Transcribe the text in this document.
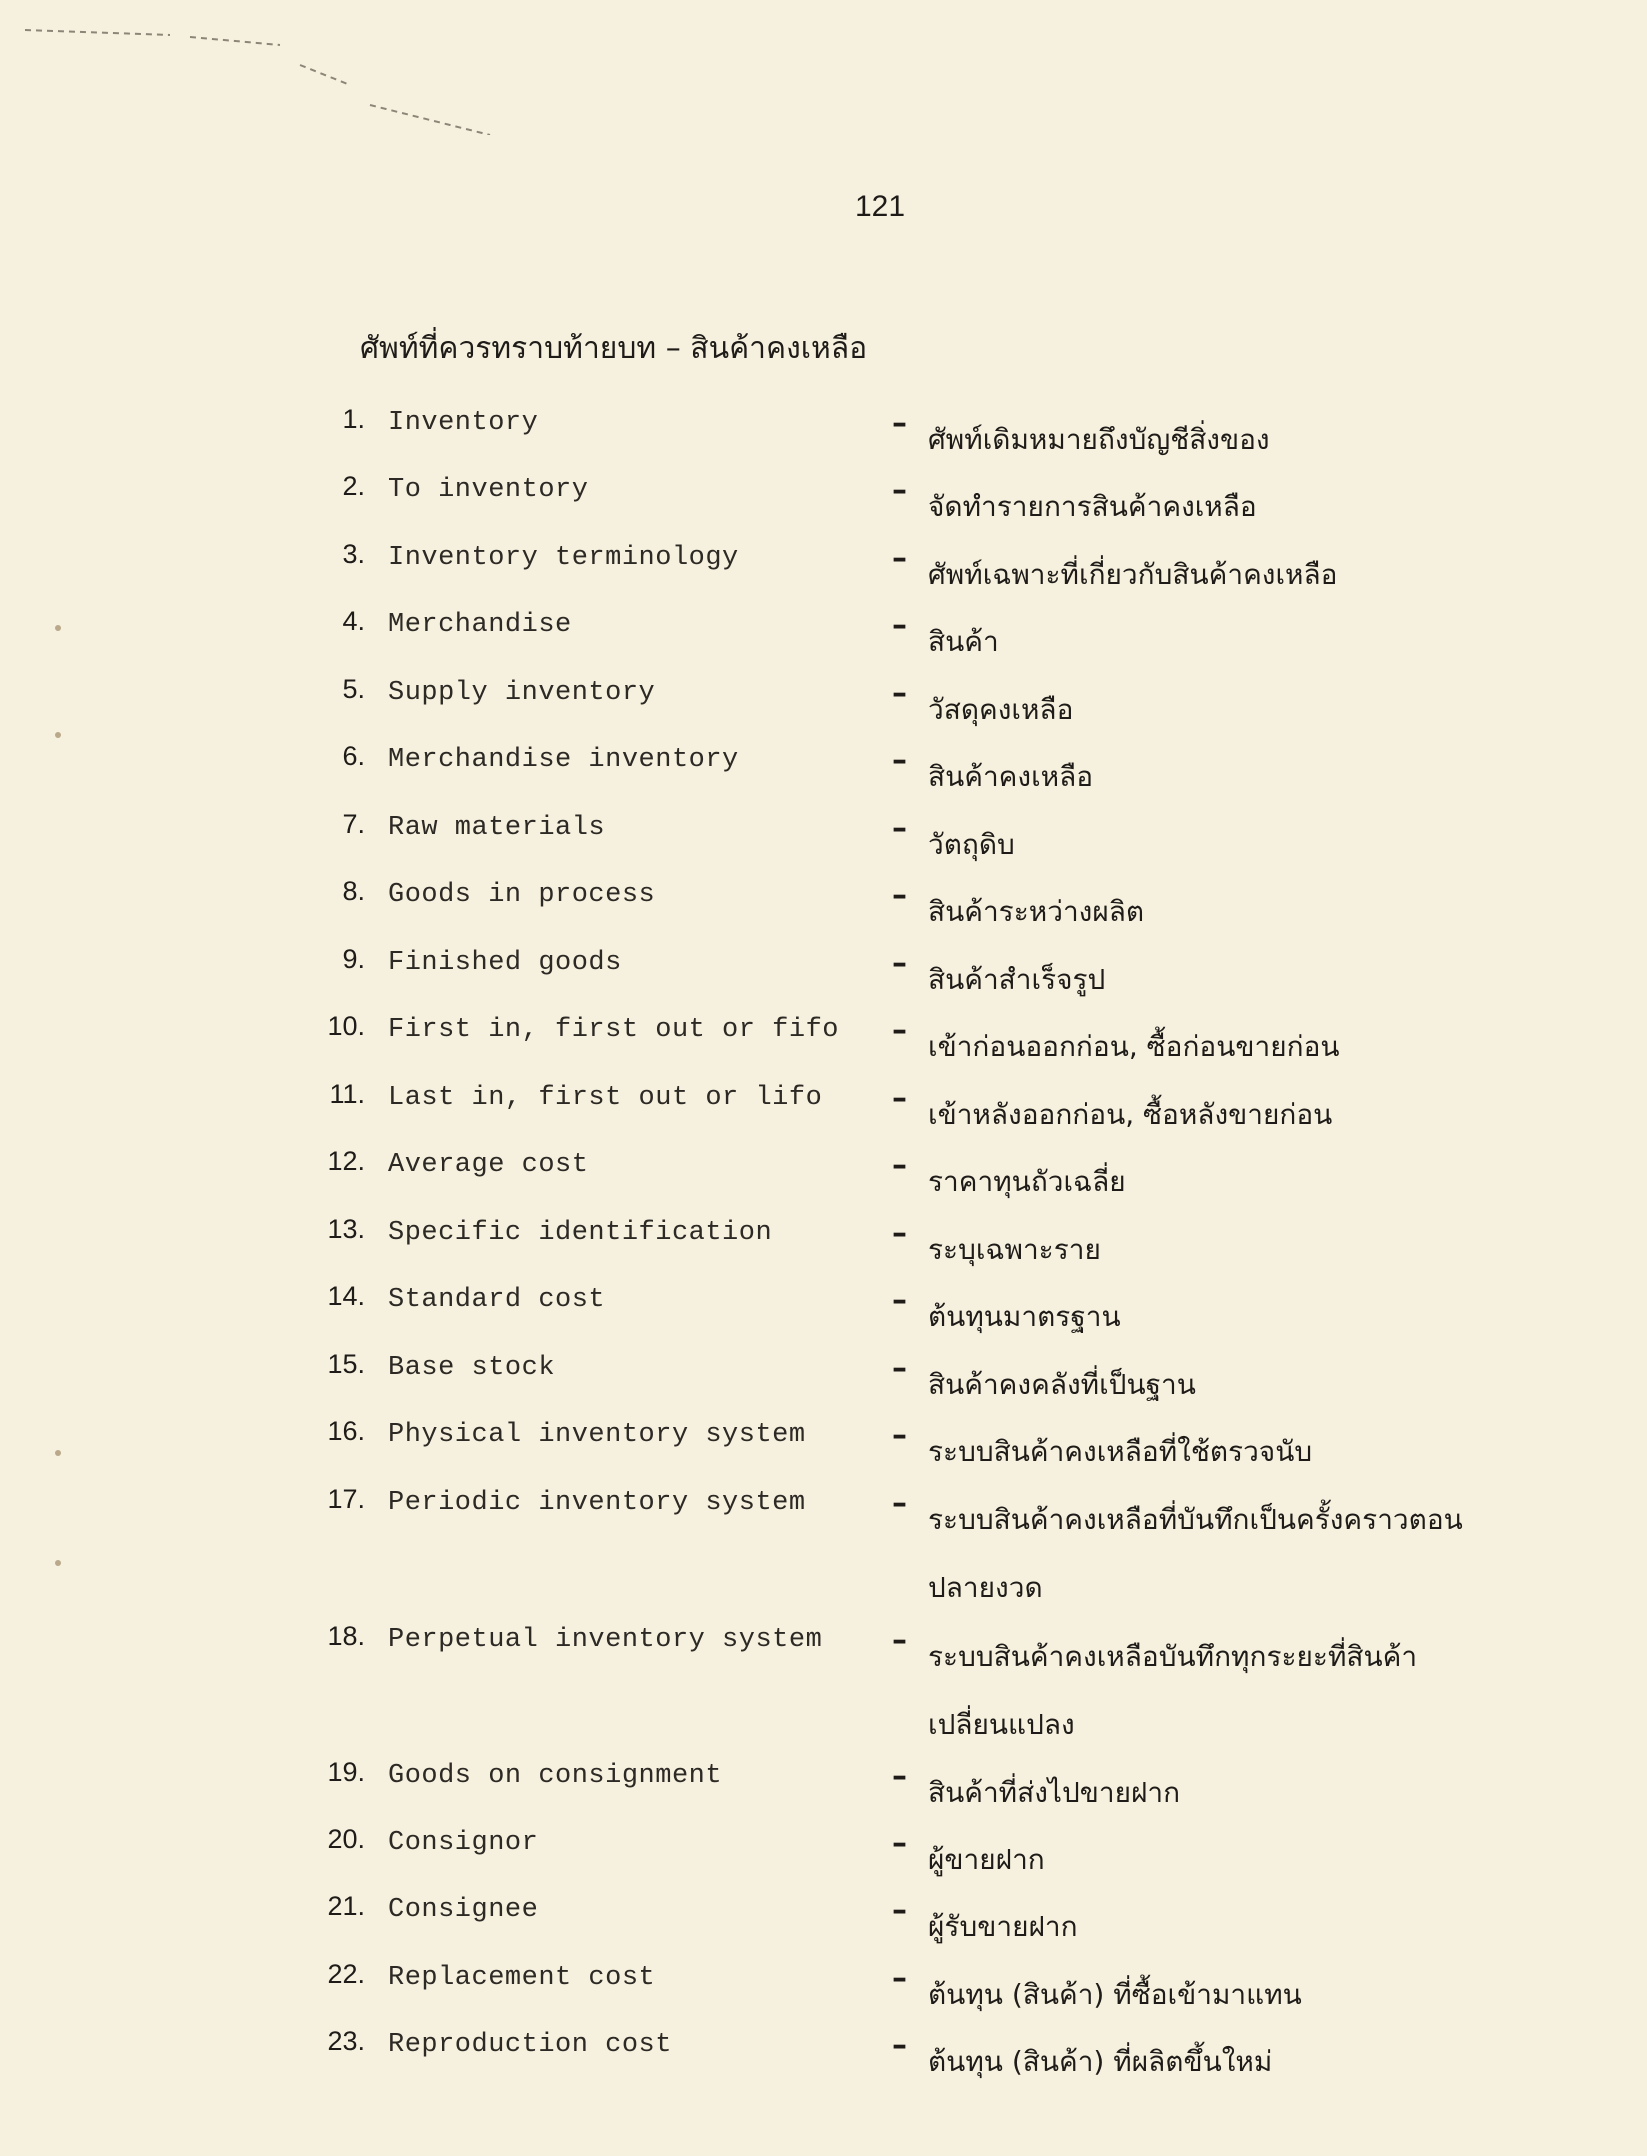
121
ศัพท์ที่ควรทราบท้ายบท – สินค้าคงเหลือ
1. Inventory	– ศัพท์เดิมหมายถึงบัญชีสิ่งของ
2. To inventory	– จัดทำรายการสินค้าคงเหลือ
3. Inventory terminology	– ศัพท์เฉพาะที่เกี่ยวกับสินค้าคงเหลือ
4. Merchandise	– สินค้า
5. Supply inventory	– วัสดุคงเหลือ
6. Merchandise inventory	– สินค้าคงเหลือ
7. Raw materials	– วัตถุดิบ
8. Goods in process	– สินค้าระหว่างผลิต
9. Finished goods	– สินค้าสำเร็จรูป
10. First in, first out or fifo – เข้าก่อนออกก่อน, ซื้อก่อนขายก่อน
11. Last in, first out or lifo – เข้าหลังออกก่อน, ซื้อหลังขายก่อน
12. Average cost	– ราคาทุนถัวเฉลี่ย
13. Specific identification	– ระบุเฉพาะราย
14. Standard cost	– ต้นทุนมาตรฐาน
15. Base stock	– สินค้าคงคลังที่เป็นฐาน
16. Physical inventory system	– ระบบสินค้าคงเหลือที่ใช้ตรวจนับ
17. Periodic inventory system	– ระบบสินค้าคงเหลือที่บันทึกเป็นครั้งคราวตอนปลายงวด
18. Perpetual inventory system – ระบบสินค้าคงเหลือบันทึกทุกระยะที่สินค้าเปลี่ยนแปลง
19. Goods on consignment	– สินค้าที่ส่งไปขายฝาก
20. Consignor	– ผู้ขายฝาก
21. Consignee	– ผู้รับขายฝาก
22. Replacement cost	– ต้นทุน (สินค้า) ที่ซื้อเข้ามาแทน
23. Reproduction cost	– ต้นทุน (สินค้า) ที่ผลิตขึ้นใหม่
